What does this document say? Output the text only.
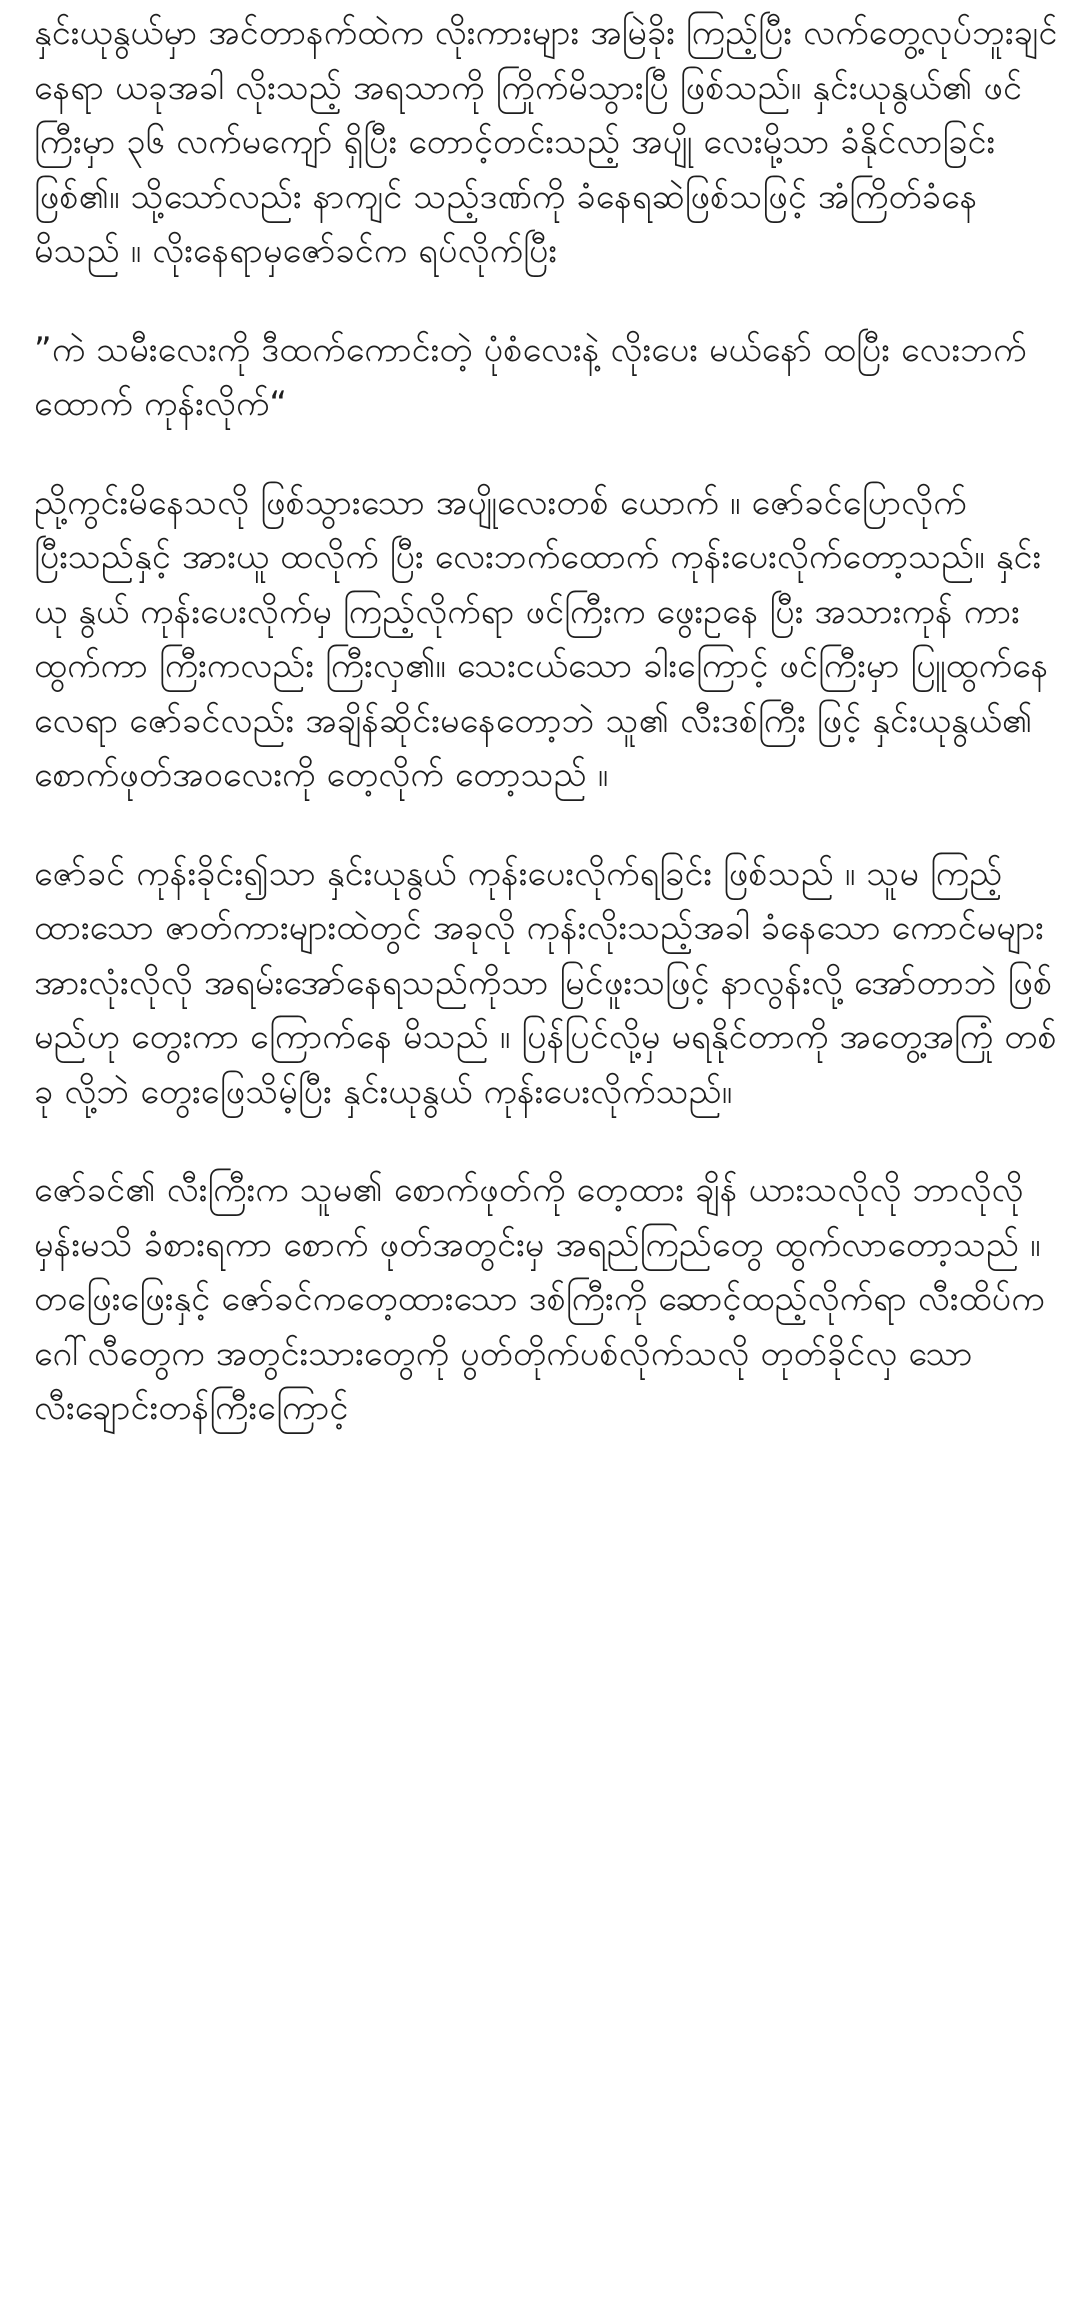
နှင်းယုနွယ်မှာ အင်တာနက်ထဲက လိုးကားများ အမြဲခိုး ကြည့်ပြီး လက်တွေ့လုပ်ဘူးချင်နေရာ ယခုအခါ လိုးသည့် အရသာကို ကြိုက်မိသွားပြီ ဖြစ်သည်။ နှင်းယုနွယ်၏ ဖင် ကြီးမှာ ၃၆ လက်မကျော် ရှိပြီး တောင့်တင်းသည့် အပျို လေးမို့သာ ခံနိုင်လာခြင်းဖြစ်၏။ သို့သော်လည်း နာကျင် သည့်ဒဏ်ကို ခံနေရဆဲဖြစ်သဖြင့် အံကြိတ်ခံနေမိသည် ။ လိုးနေရာမှဇော်ခင်က ရပ်လိုက်ပြီး

”ကဲ သမီးလေးကို ဒီထက်ကောင်းတဲ့ ပုံစံလေးနဲ့ လိုးပေး မယ်နော် ထပြီး လေးဘက်ထောက် ကုန်းလိုက်“

ညို့ကွင်းမိနေသလို ဖြစ်သွားသော အပျိုလေးတစ် ယောက် ။ ဇော်ခင်ပြောလိုက်ပြီးသည်နှင့် အားယူ ထလိုက် ပြီး လေးဘက်ထောက် ကုန်းပေးလိုက်တော့သည်။ နှင်းယု နွယ် ကုန်းပေးလိုက်မှ ကြည့်လိုက်ရာ ဖင်ကြီးက ဖွေးဥနေ ပြီး အသားကုန် ကားထွက်ကာ ကြီးကလည်း ကြီးလှ၏။ သေးငယ်သော ခါးကြောင့် ဖင်ကြီးမှာ ပြူထွက်နေလေရာ ဇော်ခင်လည်း အချိန်ဆိုင်းမနေတော့ဘဲ သူ၏ လီးဒစ်ကြီး ဖြင့် နှင်းယုနွယ်၏ စောက်ဖုတ်အဝလေးကို တေ့လိုက် တော့သည် ။

ဇော်ခင် ကုန်းခိုင်း၍သာ နှင်းယုနွယ် ကုန်းပေးလိုက်ရခြင်း ဖြစ်သည် ။ သူမ ကြည့်ထားသော ဇာတ်ကားများထဲတွင် အခုလို ကုန်းလိုးသည့်အခါ ခံနေသော ကောင်မများ အားလုံးလိုလို အရမ်းအော်နေရသည်ကိုသာ မြင်ဖူးသဖြင့် နာလွန်းလို့ အော်တာဘဲ ဖြစ်မည်ဟု တွေးကာ ကြောက်နေ မိသည် ။ ပြန်ပြင်လို့မှ မရနိုင်တာကို အတွေ့အကြုံ တစ်ခု လို့ဘဲ တွေးဖြေသိမ့်ပြီး နှင်းယုနွယ် ကုန်းပေးလိုက်သည်။

ဇော်ခင်၏ လီးကြီးက သူမ၏ စောက်ဖုတ်ကို တေ့ထား ချိန် ယားသလိုလို ဘာလိုလိုမှန်းမသိ ခံစားရကာ စောက် ဖုတ်အတွင်းမှ အရည်ကြည်တွေ ထွက်လာတော့သည် ။ တဖြေးဖြေးနှင့် ဇော်ခင်ကတေ့ထားသော ဒစ်ကြီးကို ဆောင့်ထည့်လိုက်ရာ လီးထိပ်က ဂေါ်လီတွေက အတွင်းသားတွေကို ပွတ်တိုက်ပစ်လိုက်သလို တုတ်ခိုင်လှ သော လီးချောင်းတန်ကြီးကြောင့်
